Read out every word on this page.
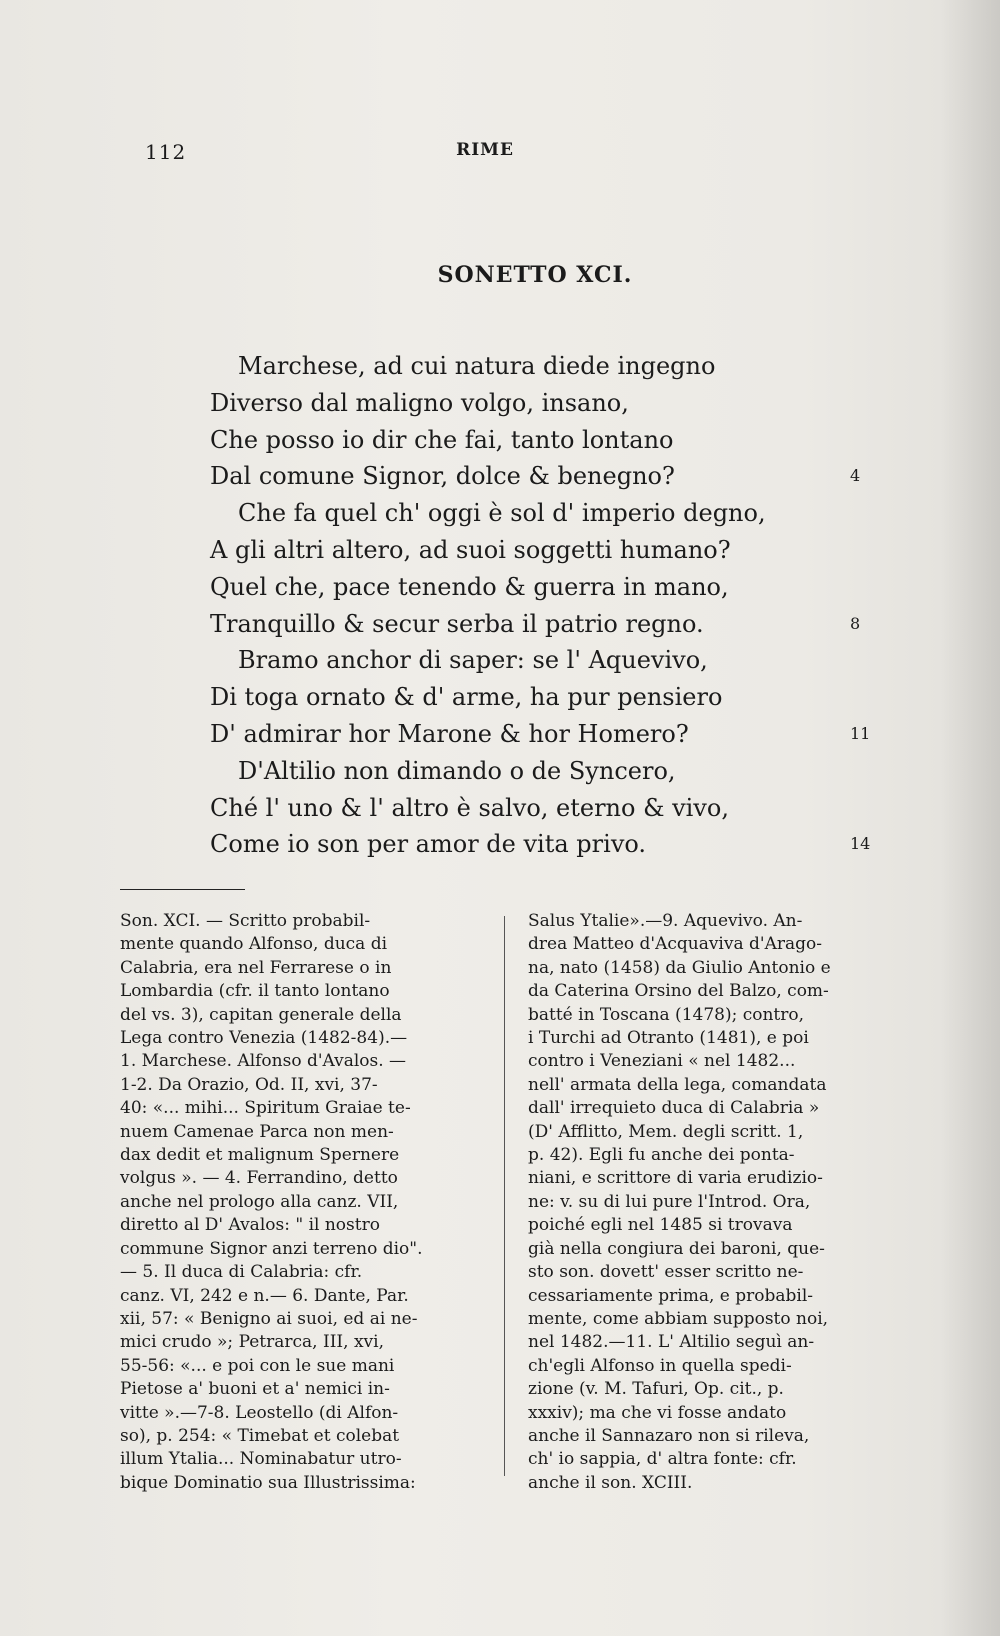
112	RIME
SONETTO XCI.
Marchese, ad cui natura diede ingegno
Diverso dal maligno volgo, insano,
Che posso io dir che fai, tanto lontano
Dal comune Signor, dolce & benegno?	4
Che fa quel ch' oggi è sol d' imperio degno,
A gli altri altero, ad suoi soggetti humano?
Quel che, pace tenendo & guerra in mano,
Tranquillo & secur serba il patrio regno.	8
Bramo anchor di saper: se l' Aquevivo,
Di toga ornato & d' arme, ha pur pensiero
D' admirar hor Marone & hor Homero?	11
D'Altilio non dimando o de Syncero,
Ché l' uno & l' altro è salvo, eterno & vivo,
Come io son per amor de vita privo.	14
Son. XCI. — Scritto probabil-
mente quando Alfonso, duca di
Calabria, era nel Ferrarese o in
Lombardia (cfr. il tanto lontano
del vs. 3), capitan generale della
Lega contro Venezia (1482-84).—
1. Marchese. Alfonso d'Avalos. —
1-2. Da Orazio, Od. II, xvi, 37-
40: «... mihi... Spiritum Graiae te-
nuem Camenae Parca non men-
dax dedit et malignum Spernere
volgus ». — 4. Ferrandino, detto
anche nel prologo alla canz. VII,
diretto al D' Avalos: " il nostro
commune Signor anzi terreno dio".
— 5. Il duca di Calabria: cfr.
canz. VI, 242 e n.— 6. Dante, Par.
xii, 57: « Benigno ai suoi, ed ai ne-
mici crudo »; Petrarca, III, xvi,
55-56: «... e poi con le sue mani
Pietose a' buoni et a' nemici in-
vitte ».—7-8. Leostello (di Alfon-
so), p. 254: « Timebat et colebat
illum Ytalia... Nominabatur utro-
bique Dominatio sua Illustrissima:
Salus Ytalie».—9. Aquevivo. An-
drea Matteo d'Acquaviva d'Arago-
na, nato (1458) da Giulio Antonio e
da Caterina Orsino del Balzo, com-
batté in Toscana (1478); contro,
i Turchi ad Otranto (1481), e poi
contro i Veneziani « nel 1482...
nell' armata della lega, comandata
dall' irrequieto duca di Calabria »
(D' Afflitto, Mem. degli scritt. 1,
p. 42). Egli fu anche dei ponta-
niani, e scrittore di varia erudizio-
ne: v. su di lui pure l'Introd. Ora,
poiché egli nel 1485 si trovava
già nella congiura dei baroni, que-
sto son. dovett' esser scritto ne-
cessariamente prima, e probabil-
mente, come abbiam supposto noi,
nel 1482.—11. L' Altilio seguì an-
ch'egli Alfonso in quella spedi-
zione (v. M. Tafuri, Op. cit., p.
xxxiv); ma che vi fosse andato
anche il Sannazaro non si rileva,
ch' io sappia, d' altra fonte: cfr.
anche il son. XCIII.
